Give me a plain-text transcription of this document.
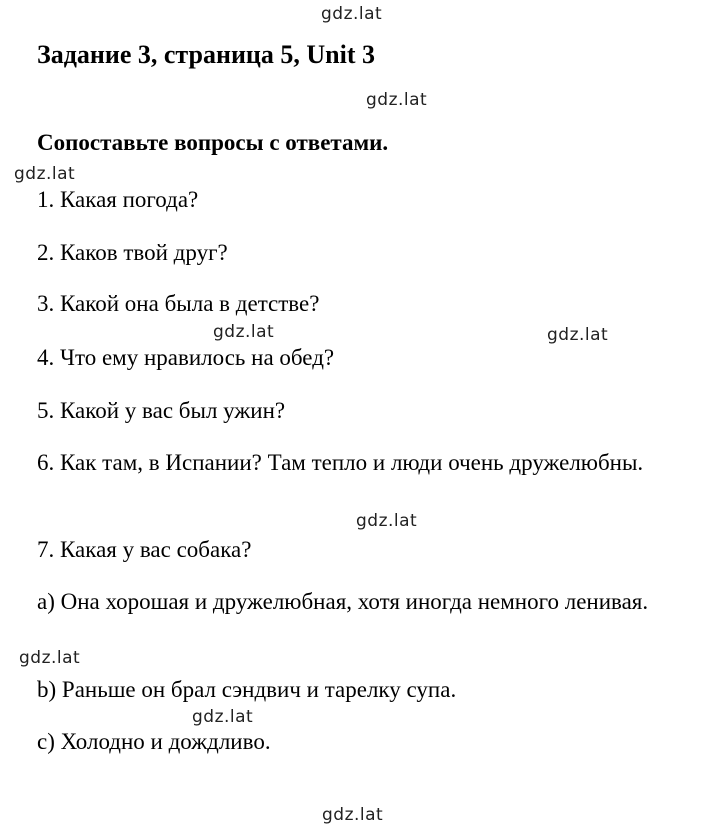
gdz.lat
gdz.lat
gdz.lat
gdz.lat	gdz.lat
gdz.lat
gdz.lat
gdz.lat
gdz.lat
Задание 3, страница 5, Unit 3
Сопоставьте вопросы с ответами.
1. Какая погода?
2. Каков твой друг?
3. Какой она была в детстве?
4. Что ему нравилось на обед?
5. Какой у вас был ужин?
6. Как там, в Испании? Там тепло и люди очень дружелюбны.
7. Какая у вас собака?
a) Она хорошая и дружелюбная, хотя иногда немного ленивая.
b) Раньше он брал сэндвич и тарелку супа.
c) Холодно и дождливо.
